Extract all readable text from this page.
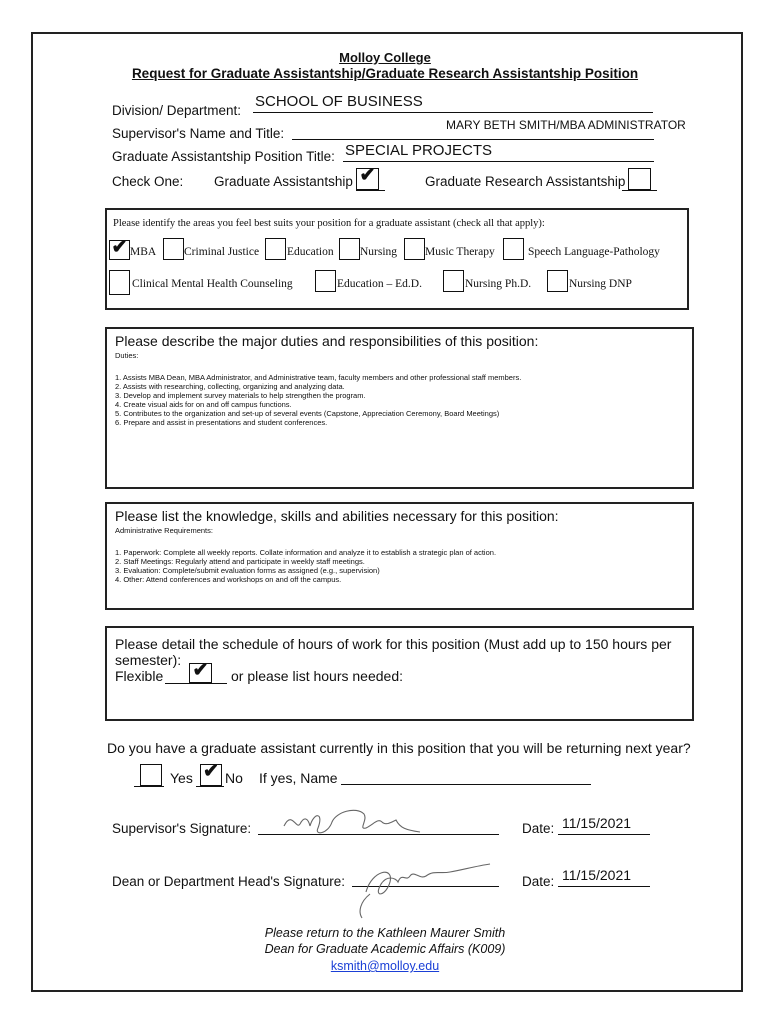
Molloy College
Request for Graduate Assistantship/Graduate Research Assistantship Position
Division/ Department:
SCHOOL OF BUSINESS
Supervisor's Name and Title:
MARY BETH SMITH/MBA ADMINISTRATOR
Graduate Assistantship Position Title: SPECIAL PROJECTS
Check One: Graduate Assistantship ✔	Graduate Research Assistantship
Please identify the areas you feel best suits your position for a graduate assistant (check all that apply):
✔ MBA Criminal Justice Education Nursing Music Therapy	Speech Language-Pathology
Clinical Mental Health Counseling	Education – Ed.D.	Nursing Ph.D.	Nursing DNP
Please describe the major duties and responsibilities of this position:
Duties:
1. Assists MBA Dean, MBA Administrator, and Administrative team, faculty members and other professional staff members.
2. Assists with researching, collecting, organizing and analyzing data.
3. Develop and implement survey materials to help strengthen the program.
4. Create visual aids for on and off campus functions.
5. Contributes to the organization and set-up of several events (Capstone, Appreciation Ceremony, Board Meetings)
6. Prepare and assist in presentations and student conferences.
Please list the knowledge, skills and abilities necessary for this position:
Administrative Requirements:
1. Paperwork: Complete all weekly reports. Collate information and analyze it to establish a strategic plan of action.
2. Staff Meetings: Regularly attend and participate in weekly staff meetings.
3. Evaluation: Complete/submit evaluation forms as assigned (e.g., supervision)
4. Other: Attend conferences and workshops on and off the campus.
Please detail the schedule of hours of work for this position (Must add up to 150 hours per
semester):
Flexible ✔ or please list hours needed:
Do you have a graduate assistant currently in this position that you will be returning next year?
Yes ✔ No If yes, Name
Supervisor's Signature:	Date: 11/15/2021
Dean or Department Head's Signature:	Date: 11/15/2021
Please return to the Kathleen Maurer Smith
Dean for Graduate Academic Affairs (K009)
ksmith@molloy.edu
